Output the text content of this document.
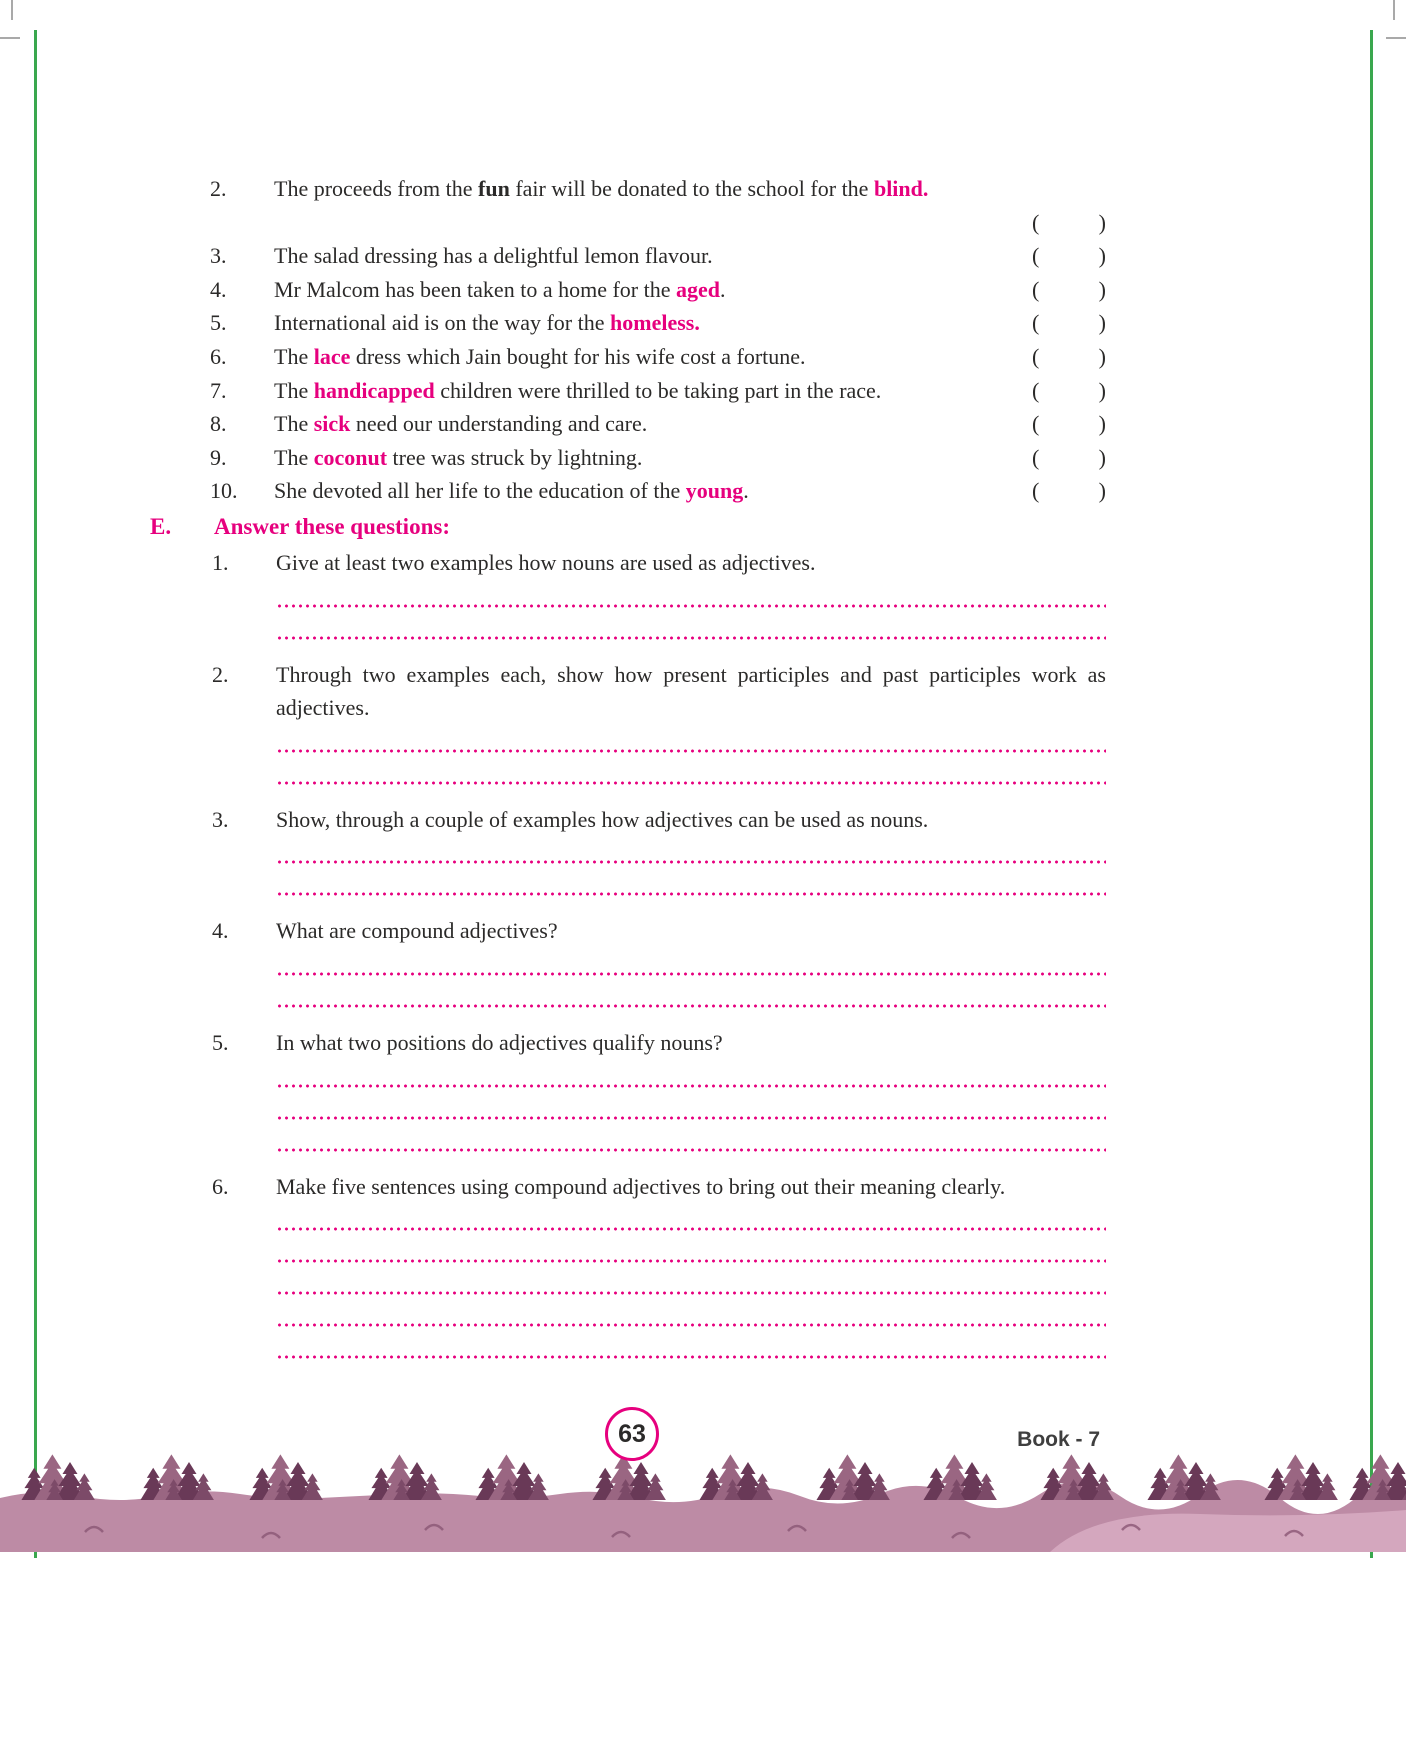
2.	The proceeds from the fun fair will be donated to the school for the blind.
(	)
3.	The salad dressing has a delightful lemon flavour.	(	)
4.	Mr Malcom has been taken to a home for the aged.	(	)
5.	International aid is on the way for the homeless.	(	)
6.	The lace dress which Jain bought for his wife cost a fortune.	(	)
7.	The handicapped children were thrilled to be taking part in the race.	(	)
8.	The sick need our understanding and care.	(	)
9.	The coconut tree was struck by lightning.	(	)
10.	She devoted all her life to the education of the young.	(	)
E.	Answer these questions:
1.	Give at least two examples how nouns are used as adjectives.
2.	Through two examples each, show how present participles and past participles work as adjectives.
3.	Show, through a couple of examples how adjectives can be used as nouns.
4.	What are compound adjectives?
5.	In what two positions do adjectives qualify nouns?
6.	Make five sentences using compound adjectives to bring out their meaning clearly.
63	Book - 7
